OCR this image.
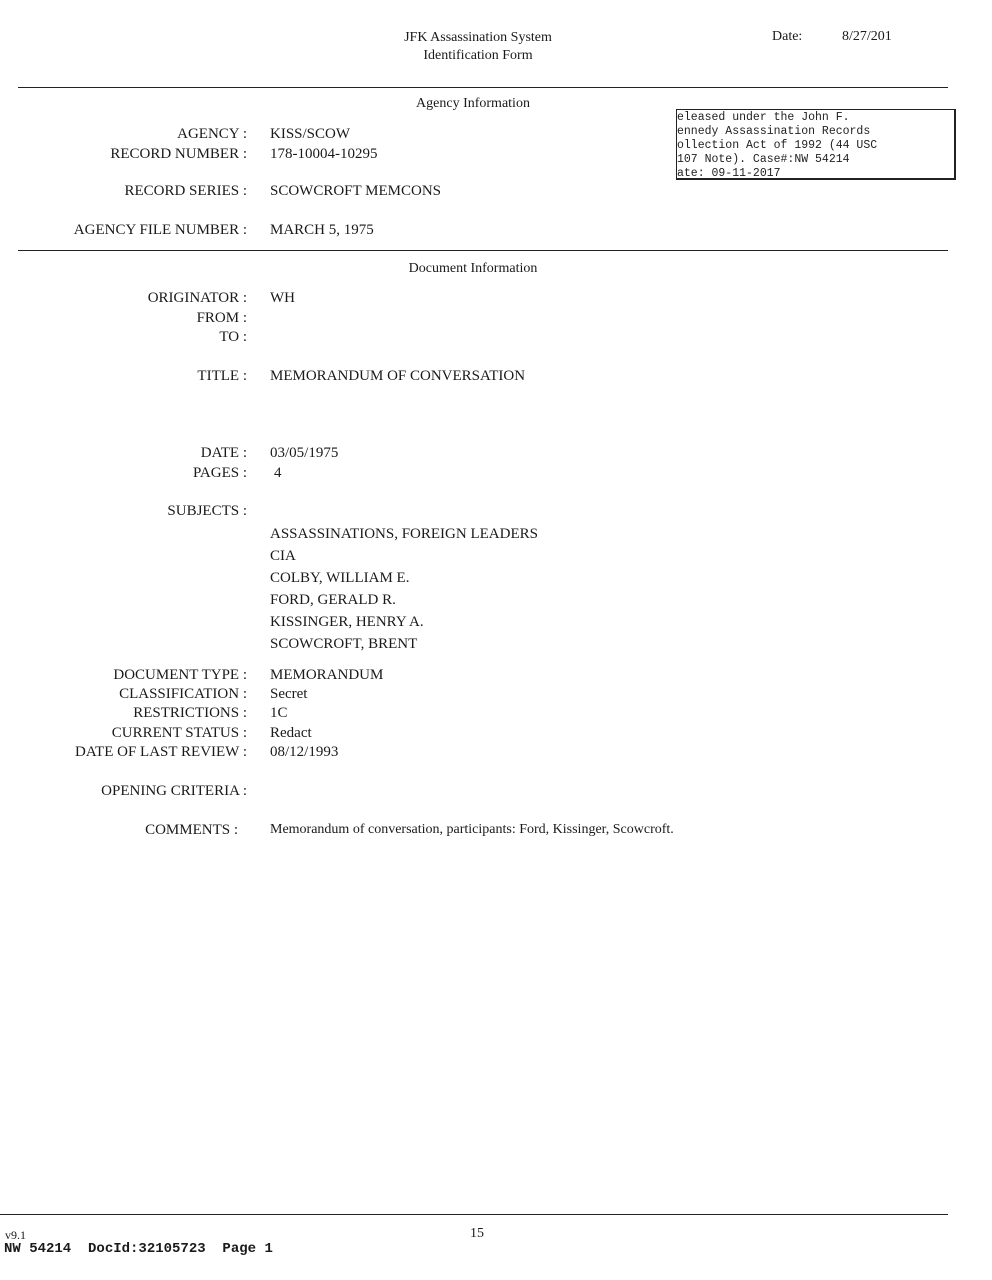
JFK Assassination System
Identification Form
Date:	8/27/201
Agency Information
eleased under the John F.
ennedy Assassination Records
ollection Act of 1992 (44 USC
107 Note). Case#:NW 54214
ate: 09-11-2017
AGENCY : KISS/SCOW
RECORD NUMBER : 178-10004-10295
RECORD SERIES : SCOWCROFT MEMCONS
AGENCY FILE NUMBER : MARCH 5, 1975
Document Information
ORIGINATOR : WH
FROM :
TO :
TITLE : MEMORANDUM OF CONVERSATION
DATE : 03/05/1975
PAGES : 4
SUBJECTS :
ASSASSINATIONS, FOREIGN LEADERS
CIA
COLBY, WILLIAM E.
FORD, GERALD R.
KISSINGER, HENRY A.
SCOWCROFT, BRENT
DOCUMENT TYPE : MEMORANDUM
CLASSIFICATION : Secret
RESTRICTIONS : 1C
CURRENT STATUS : Redact
DATE OF LAST REVIEW : 08/12/1993
OPENING CRITERIA :
COMMENTS : Memorandum of conversation, participants: Ford, Kissinger, Scowcroft.
v9.1	15
NW 54214  DocId:32105723  Page 1
